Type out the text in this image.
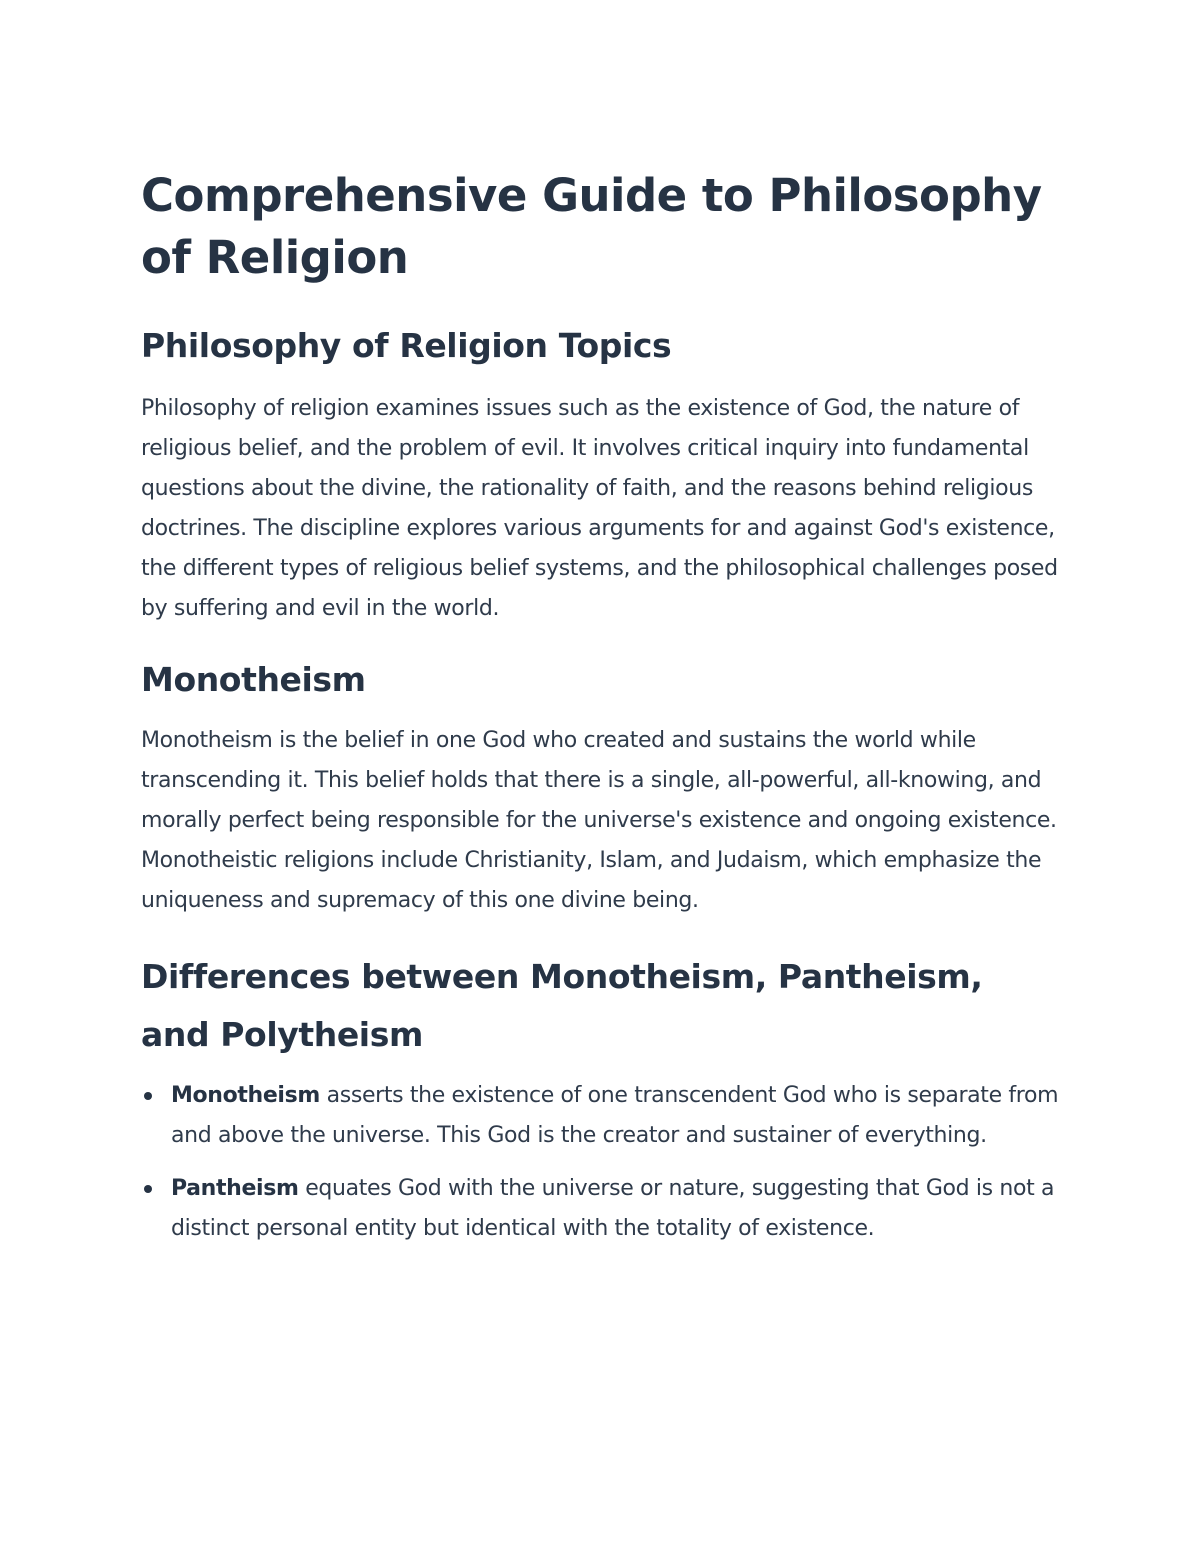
Comprehensive Guide to Philosophy of Religion
Philosophy of Religion Topics

Philosophy of religion examines issues such as the existence of God, the nature of religious belief, and the problem of evil. It involves critical inquiry into fundamental questions about the divine, the rationality of faith, and the reasons behind religious doctrines. The discipline explores various arguments for and against God's existence, the different types of religious belief systems, and the philosophical challenges posed by suffering and evil in the world.

Monotheism

Monotheism is the belief in one God who created and sustains the world while transcending it. This belief holds that there is a single, all-powerful, all-knowing, and morally perfect being responsible for the universe's existence and ongoing existence. Monotheistic religions include Christianity, Islam, and Judaism, which emphasize the uniqueness and supremacy of this one divine being.

Differences between Monotheism, Pantheism, and Polytheism
Monotheism asserts the existence of one transcendent God who is separate from and above the universe. This God is the creator and sustainer of everything.
Pantheism equates God with the universe or nature, suggesting that God is not a distinct personal entity but identical with the totality of existence.
